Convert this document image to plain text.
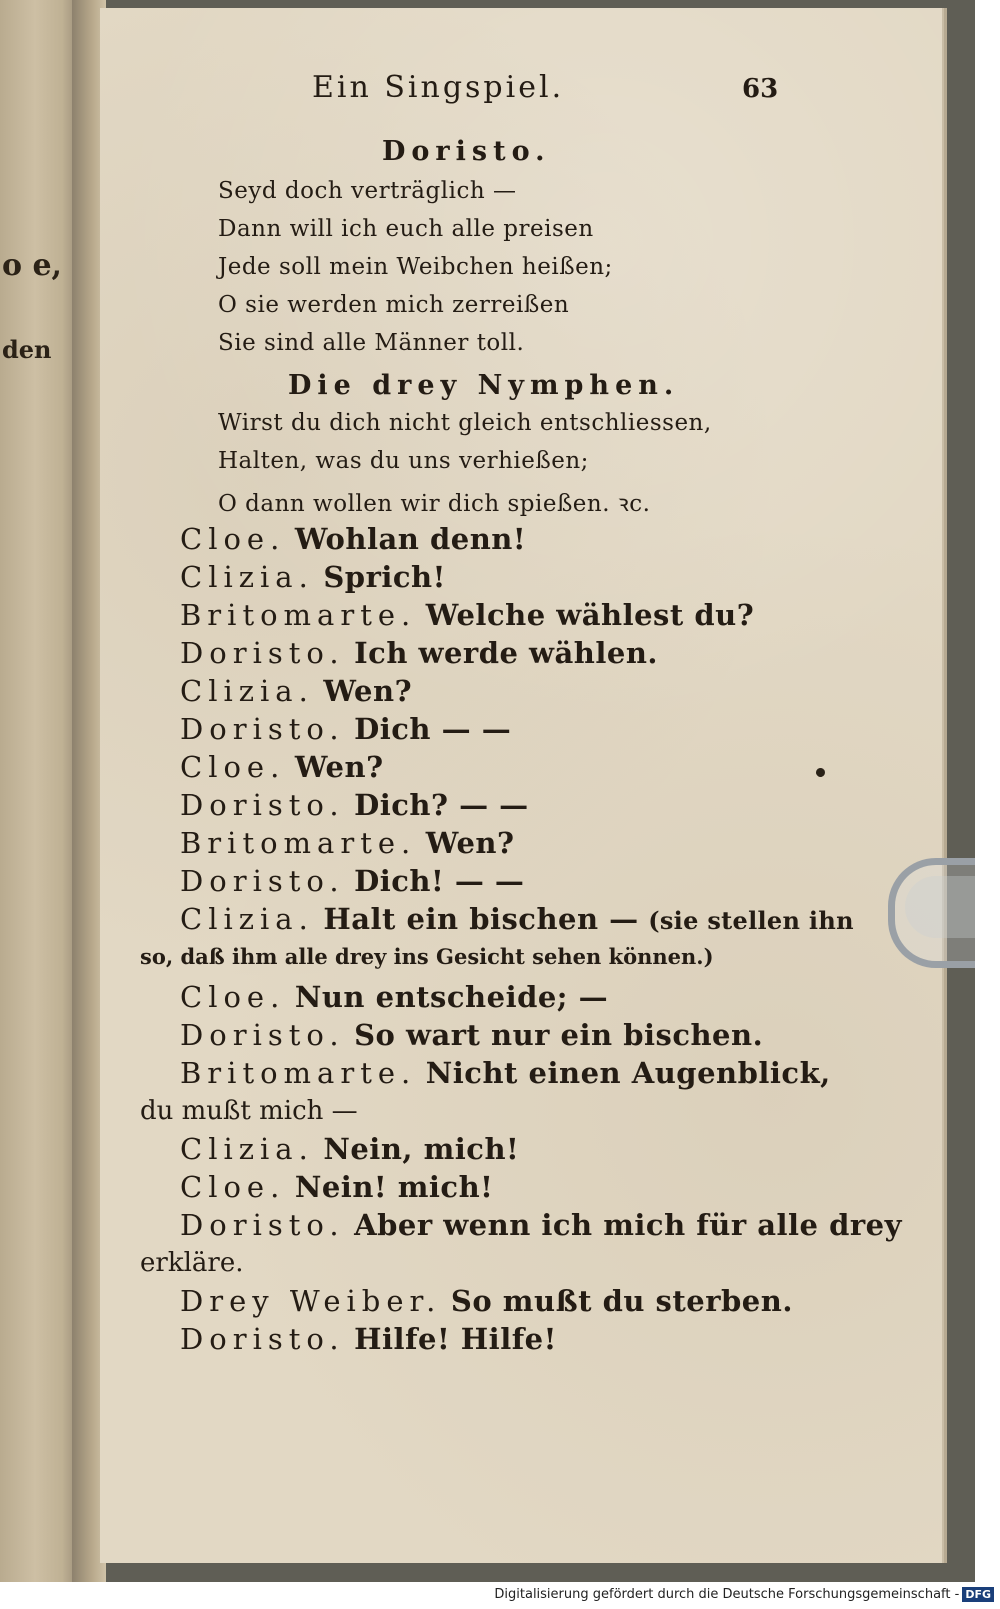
o e,
den

Ein Singspiel.	63

Doristo.

Seyd doch verträglich —

Dann will ich euch alle preisen

Jede soll mein Weibchen heißen;

O sie werden mich zerreißen

Sie sind alle Männer toll.

Die drey Nymphen.

Wirst du dich nicht gleich entschliessen,

Halten, was du uns verhießen;

O dann wollen wir dich spießen. ꝛc.

Cloe. Wohlan denn!

Clizia. Sprich!

Britomarte. Welche wählest du?

Doristo. Ich werde wählen.

Clizia. Wen?

Doristo. Dich — —

Cloe. Wen?

Doristo. Dich? — —

Britomarte. Wen?

Doristo. Dich! — —

Clizia. Halt ein bischen — (sie stellen ihn

so, daß ihm alle drey ins Gesicht sehen können.)

Cloe. Nun entscheide; —

Doristo. So wart nur ein bischen.

Britomarte. Nicht einen Augenblick,

du mußt mich —

Clizia. Nein, mich!

Cloe. Nein! mich!

Doristo. Aber wenn ich mich für alle drey

erkläre.

Drey Weiber. So mußt du sterben.

Doristo. Hilfe! Hilfe!

Digitalisierung gefördert durch die Deutsche Forschungsgemeinschaft - DFG
